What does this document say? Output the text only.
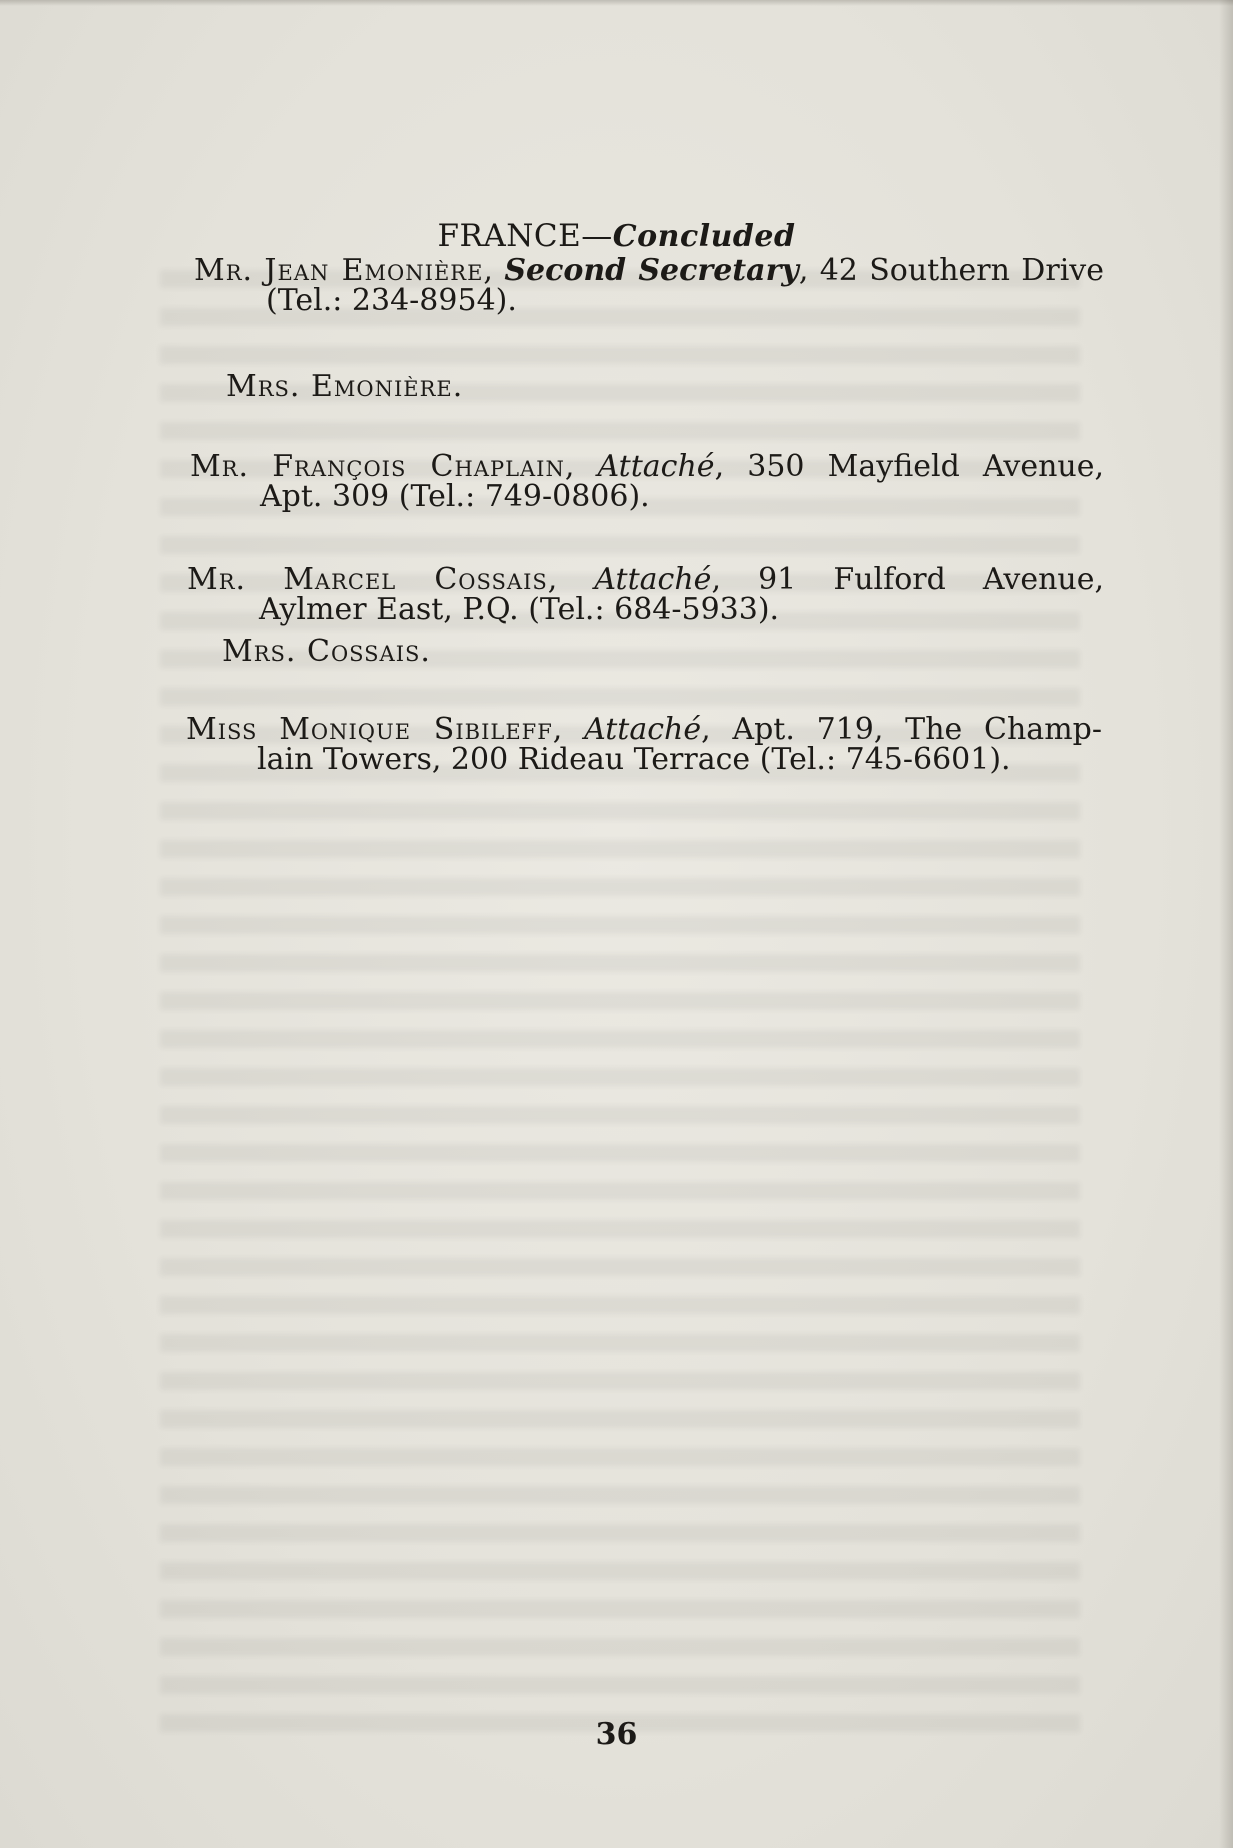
FRANCE—Concluded
Mr. Jean Emonière, Second Secretary, 42 Southern Drive
(Tel.: 234-8954).
Mrs. Emonière.
Mr. François Chaplain, Attaché, 350 Mayfield Avenue,
Apt. 309 (Tel.: 749-0806).
Mr. Marcel Cossais, Attaché, 91 Fulford Avenue,
Aylmer East, P.Q. (Tel.: 684-5933).
Mrs. Cossais.
Miss Monique Sibileff, Attaché, Apt. 719, The Champ-
lain Towers, 200 Rideau Terrace (Tel.: 745-6601).
36
